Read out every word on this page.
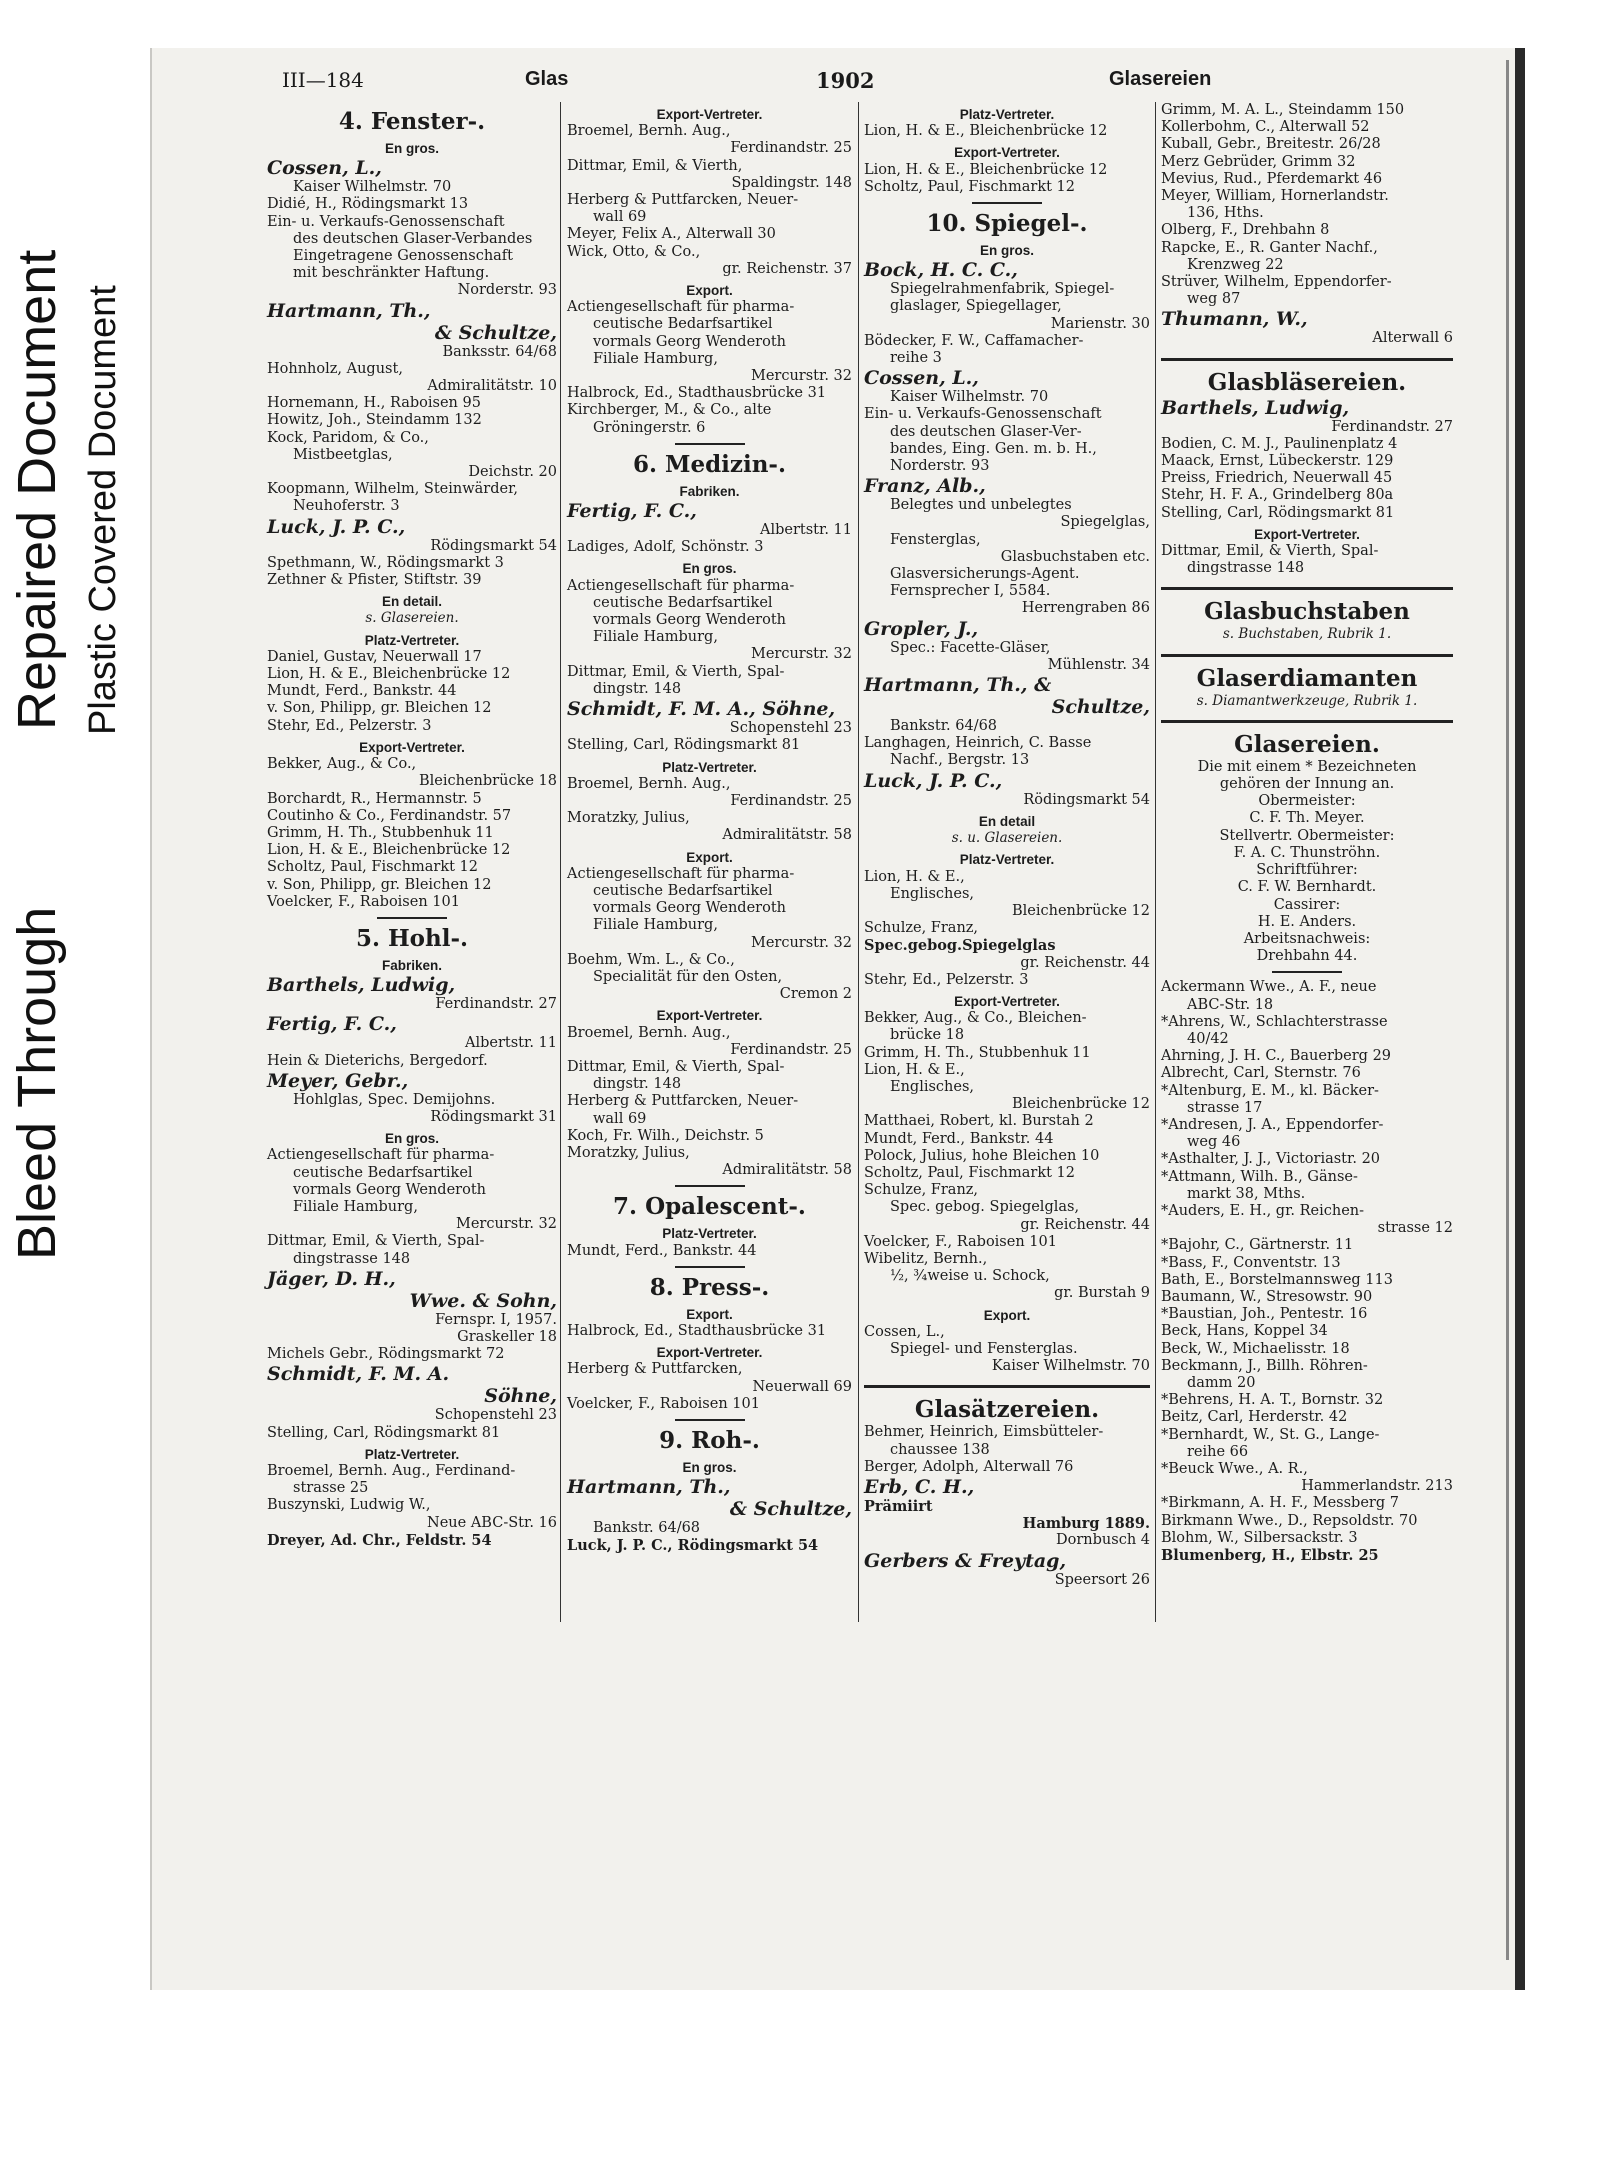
Bleed Through
Repaired Document Plastic Covered Document
III—184	Glas	1902	Glasereien
4. Fenster-.
En gros.
Cossen, L.,
Kaiser Wilhelmstr. 70
Didié, H., Rödingsmarkt 13
Ein- u. Verkaufs-Genossenschaft
des deutschen Glaser-Verbandes
Eingetragene Genossenschaft
mit beschränkter Haftung.
Norderstr. 93
Hartmann, Th.,
& Schultze,
Banksstr. 64/68
Hohnholz, August,
Admiralitätstr. 10
Hornemann, H., Raboisen 95
Howitz, Joh., Steindamm 132
Kock, Paridom, & Co.,
Mistbeetglas,
Deichstr. 20
Koopmann, Wilhelm, Steinwärder,
Neuhoferstr. 3
Luck, J. P. C.,
Rödingsmarkt 54
Spethmann, W., Rödingsmarkt 3
Zethner & Pfister, Stiftstr. 39
En detail.
s. Glasereien.
Platz-Vertreter.
Daniel, Gustav, Neuerwall 17
Lion, H. & E., Bleichenbrücke 12
Mundt, Ferd., Bankstr. 44
v. Son, Philipp, gr. Bleichen 12
Stehr, Ed., Pelzerstr. 3
Export-Vertreter.
Bekker, Aug., & Co.,
Bleichenbrücke 18
Borchardt, R., Hermannstr. 5
Coutinho & Co., Ferdinandstr. 57
Grimm, H. Th., Stubbenhuk 11
Lion, H. & E., Bleichenbrücke 12
Scholtz, Paul, Fischmarkt 12
v. Son, Philipp, gr. Bleichen 12
Voelcker, F., Raboisen 101
5. Hohl-.
Fabriken.
Barthels, Ludwig,
Ferdinandstr. 27
Fertig, F. C.,
Albertstr. 11
Hein & Dieterichs, Bergedorf.
Meyer, Gebr.,
Hohlglas, Spec. Demijohns.
Rödingsmarkt 31
En gros.
Actiengesellschaft für pharma-
ceutische Bedarfsartikel
vormals Georg Wenderoth
Filiale Hamburg,
Mercurstr. 32
Dittmar, Emil, & Vierth, Spal-
dingstrasse 148
Jäger, D. H.,
Wwe. & Sohn,
Fernspr. I, 1957.
Graskeller 18
Michels Gebr., Rödingsmarkt 72
Schmidt, F. M. A.
Söhne,
Schopenstehl 23
Stelling, Carl, Rödingsmarkt 81
Platz-Vertreter.
Broemel, Bernh. Aug., Ferdinand-
strasse 25
Buszynski, Ludwig W.,
Neue ABC-Str. 16
Dreyer, Ad. Chr., Feldstr. 54
Export-Vertreter.
Broemel, Bernh. Aug.,
Ferdinandstr. 25
Dittmar, Emil, & Vierth,
Spaldingstr. 148
Herberg & Puttfarcken, Neuer-
wall 69
Meyer, Felix A., Alterwall 30
Wick, Otto, & Co.,
gr. Reichenstr. 37
Export.
Actiengesellschaft für pharma-
ceutische Bedarfsartikel
vormals Georg Wenderoth
Filiale Hamburg,
Mercurstr. 32
Halbrock, Ed., Stadthausbrücke 31
Kirchberger, M., & Co., alte
Gröningerstr. 6
6. Medizin-.
Fabriken.
Fertig, F. C.,
Albertstr. 11
Ladiges, Adolf, Schönstr. 3
En gros.
Actiengesellschaft für pharma-
ceutische Bedarfsartikel
vormals Georg Wenderoth
Filiale Hamburg,
Mercurstr. 32
Dittmar, Emil, & Vierth, Spal-
dingstr. 148
Schmidt, F. M. A., Söhne,
Schopenstehl 23
Stelling, Carl, Rödingsmarkt 81
Platz-Vertreter.
Broemel, Bernh. Aug.,
Ferdinandstr. 25
Moratzky, Julius,
Admiralitätstr. 58
Export.
Actiengesellschaft für pharma-
ceutische Bedarfsartikel
vormals Georg Wenderoth
Filiale Hamburg,
Mercurstr. 32
Boehm, Wm. L., & Co.,
Specialität für den Osten,
Cremon 2
Export-Vertreter.
Broemel, Bernh. Aug.,
Ferdinandstr. 25
Dittmar, Emil, & Vierth, Spal-
dingstr. 148
Herberg & Puttfarcken, Neuer-
wall 69
Koch, Fr. Wilh., Deichstr. 5
Moratzky, Julius,
Admiralitätstr. 58
7. Opalescent-.
Platz-Vertreter.
Mundt, Ferd., Bankstr. 44
8. Press-.
Export.
Halbrock, Ed., Stadthausbrücke 31
Export-Vertreter.
Herberg & Puttfarcken,
Neuerwall 69
Voelcker, F., Raboisen 101
9. Roh-.
En gros.
Hartmann, Th.,
& Schultze,
Bankstr. 64/68
Luck, J. P. C., Rödingsmarkt 54
Platz-Vertreter.
Lion, H. & E., Bleichenbrücke 12
Export-Vertreter.
Lion, H. & E., Bleichenbrücke 12
Scholtz, Paul, Fischmarkt 12
10. Spiegel-.
En gros.
Bock, H. C. C.,
Spiegelrahmenfabrik, Spiegel-
glaslager, Spiegellager,
Marienstr. 30
Bödecker, F. W., Caffamacher-
reihe 3
Cossen, L.,
Kaiser Wilhelmstr. 70
Ein- u. Verkaufs-Genossenschaft
des deutschen Glaser-Ver-
bandes, Eing. Gen. m. b. H.,
Norderstr. 93
Franz, Alb.,
Belegtes und unbelegtes
Spiegelglas,
Fensterglas,
Glasbuchstaben etc.
Glasversicherungs-Agent.
Fernsprecher I, 5584.
Herrengraben 86
Gropler, J.,
Spec.: Facette-Gläser,
Mühlenstr. 34
Hartmann, Th., &
Schultze,
Bankstr. 64/68
Langhagen, Heinrich, C. Basse
Nachf., Bergstr. 13
Luck, J. P. C.,
Rödingsmarkt 54
En detail
s. u. Glasereien.
Platz-Vertreter.
Lion, H. & E.,
Englisches,
Bleichenbrücke 12
Schulze, Franz,
Spec.gebog.Spiegelglas
gr. Reichenstr. 44
Stehr, Ed., Pelzerstr. 3
Export-Vertreter.
Bekker, Aug., & Co., Bleichen-
brücke 18
Grimm, H. Th., Stubbenhuk 11
Lion, H. & E.,
Englisches,
Bleichenbrücke 12
Matthaei, Robert, kl. Burstah 2
Mundt, Ferd., Bankstr. 44
Polock, Julius, hohe Bleichen 10
Scholtz, Paul, Fischmarkt 12
Schulze, Franz,
Spec. gebog. Spiegelglas,
gr. Reichenstr. 44
Voelcker, F., Raboisen 101
Wibelitz, Bernh.,
½, ¾weise u. Schock,
gr. Burstah 9
Export.
Cossen, L.,
Spiegel- und Fensterglas.
Kaiser Wilhelmstr. 70
Glasätzereien.
Behmer, Heinrich, Eimsbütteler-
chaussee 138
Berger, Adolph, Alterwall 76
Erb, C. H.,
Prämiirt
Hamburg 1889.
Dornbusch 4
Gerbers & Freytag,
Speersort 26
Grimm, M. A. L., Steindamm 150
Kollerbohm, C., Alterwall 52
Kuball, Gebr., Breitestr. 26/28
Merz Gebrüder, Grimm 32
Mevius, Rud., Pferdemarkt 46
Meyer, William, Hornerlandstr.
136, Hths.
Olberg, F., Drehbahn 8
Rapcke, E., R. Ganter Nachf.,
Krenzweg 22
Strüver, Wilhelm, Eppendorfer-
weg 87
Thumann, W.,
Alterwall 6
Glasbläsereien.
Barthels, Ludwig,
Ferdinandstr. 27
Bodien, C. M. J., Paulinenplatz 4
Maack, Ernst, Lübeckerstr. 129
Preiss, Friedrich, Neuerwall 45
Stehr, H. F. A., Grindelberg 80a
Stelling, Carl, Rödingsmarkt 81
Export-Vertreter.
Dittmar, Emil, & Vierth, Spal-
dingstrasse 148
Glasbuchstaben
s. Buchstaben, Rubrik 1.
Glaserdiamanten
s. Diamantwerkzeuge, Rubrik 1.
Glasereien.
Die mit einem * Bezeichneten
gehören der Innung an.
Obermeister:
C. F. Th. Meyer.
Stellvertr. Obermeister:
F. A. C. Thunströhn.
Schriftführer:
C. F. W. Bernhardt.
Cassirer:
H. E. Anders.
Arbeitsnachweis:
Drehbahn 44.
Ackermann Wwe., A. F., neue
ABC-Str. 18
*Ahrens, W., Schlachterstrasse
40/42
Ahrning, J. H. C., Bauerberg 29
Albrecht, Carl, Sternstr. 76
*Altenburg, E. M., kl. Bäcker-
strasse 17
*Andresen, J. A., Eppendorfer-
weg 46
*Asthalter, J. J., Victoriastr. 20
*Attmann, Wilh. B., Gänse-
markt 38, Mths.
*Auders, E. H., gr. Reichen-
strasse 12
*Bajohr, C., Gärtnerstr. 11
*Bass, F., Conventstr. 13
Bath, E., Borstelmannsweg 113
Baumann, W., Stresowstr. 90
*Baustian, Joh., Pentestr. 16
Beck, Hans, Koppel 34
Beck, W., Michaelisstr. 18
Beckmann, J., Billh. Röhren-
damm 20
*Behrens, H. A. T., Bornstr. 32
Beitz, Carl, Herderstr. 42
*Bernhardt, W., St. G., Lange-
reihe 66
*Beuck Wwe., A. R.,
Hammerlandstr. 213
*Birkmann, A. H. F., Messberg 7
Birkmann Wwe., D., Repsoldstr. 70
Blohm, W., Silbersackstr. 3
Blumenberg, H., Elbstr. 25
